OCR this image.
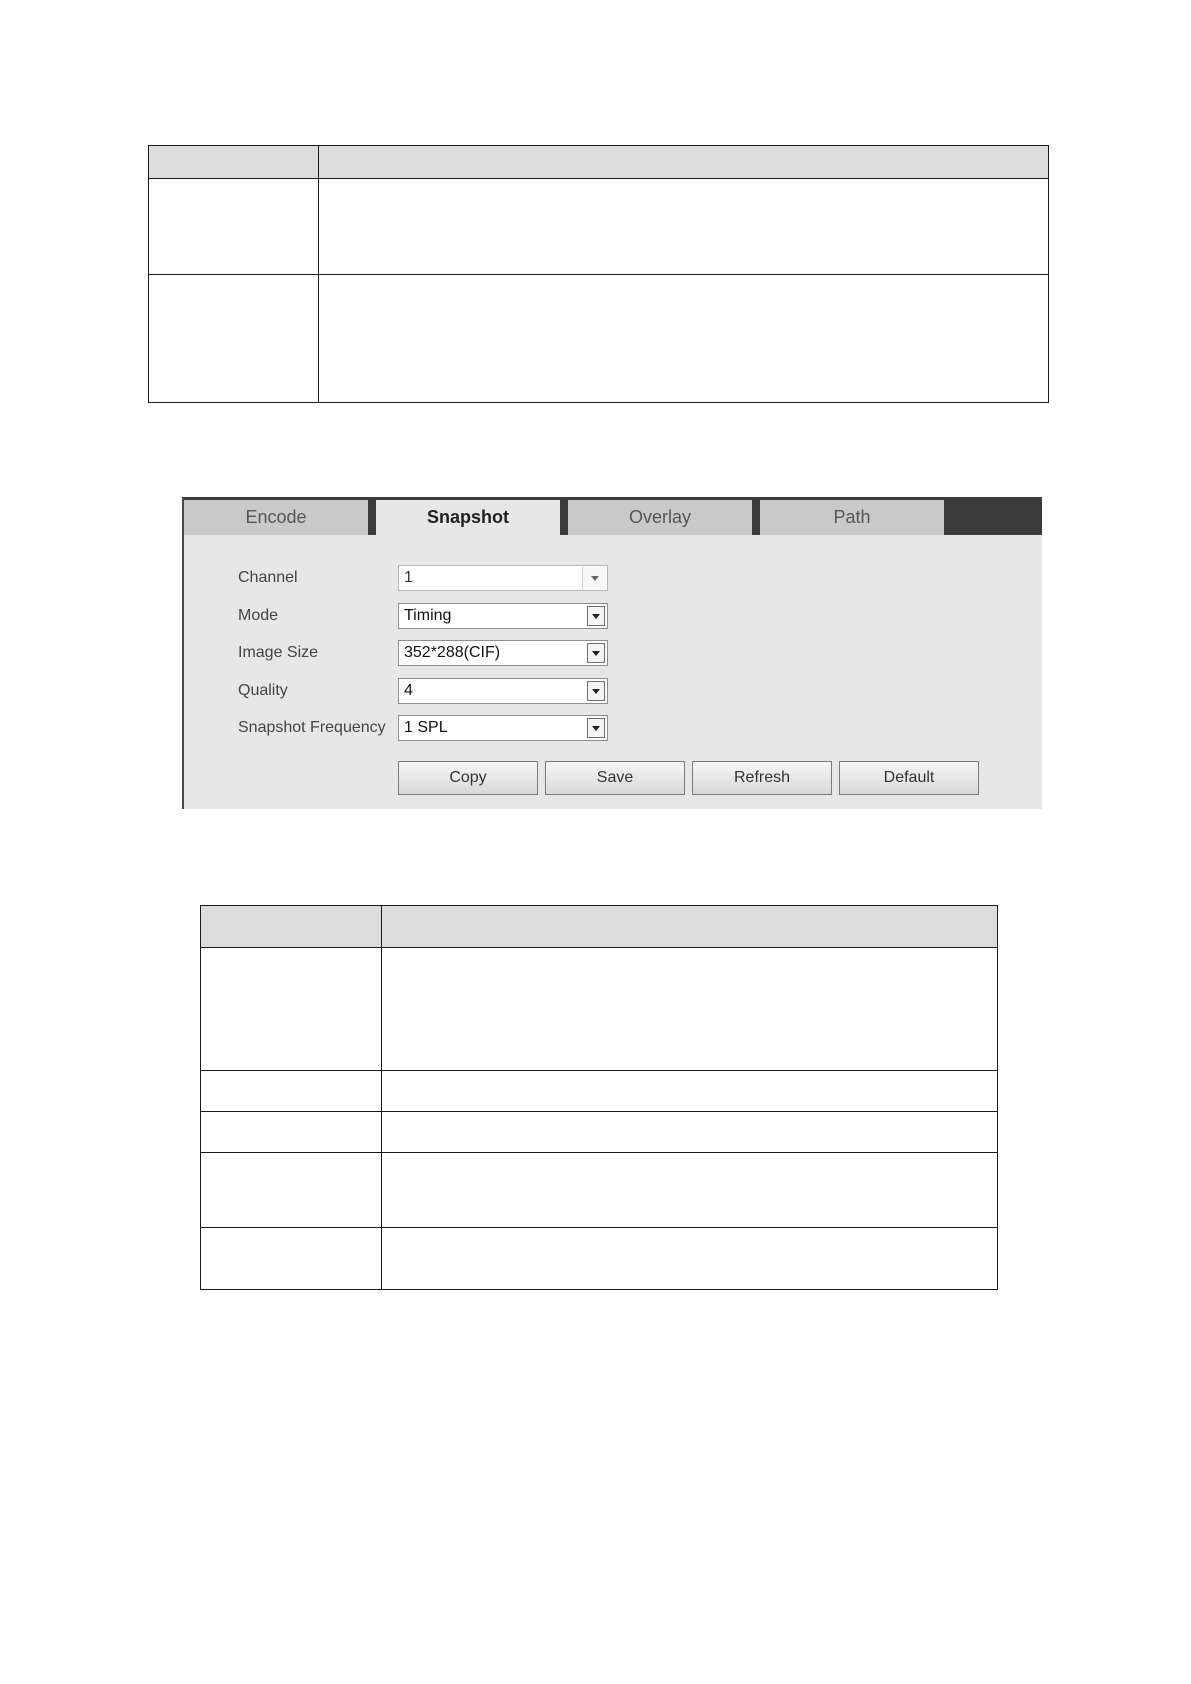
Encode	Snapshot	Overlay	Path
Channel	1
Mode	Timing
Image Size	352*288(CIF)
Quality	4
Snapshot Frequency 1 SPL
Copy	Save	Refresh	Default
